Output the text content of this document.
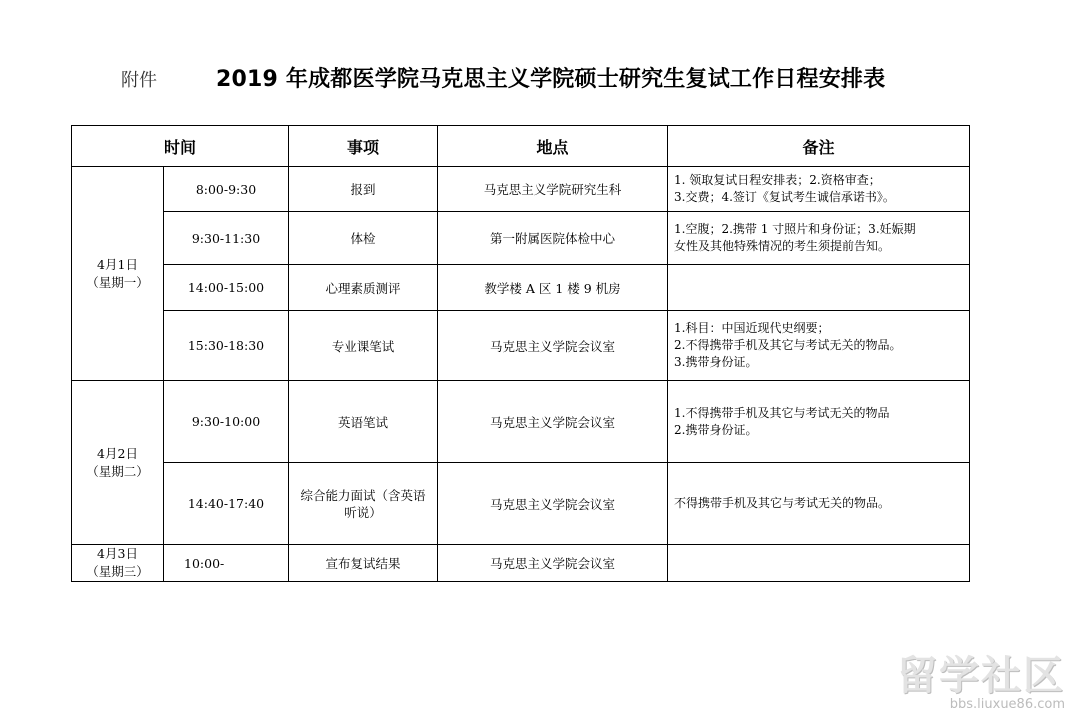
附件	2019 年成都医学院马克思主义学院硕士研究生复试工作日程安排表
时间		事项	地点	备注

4月1日
（星期一）	8:00-9:30	报到	马克思主义学院研究生科	1. 领取复试日程安排表；2.资格审查；
3.交费；4.签订《复试考生诚信承诺书》。

	9:30-11:30	体检	第一附属医院体检中心	1.空腹；2.携带 1 寸照片和身份证；3.妊娠期
女性及其他特殊情况的考生须提前告知。

	14:00-15:00	心理素质测评	教学楼 A 区 1 楼 9 机房	
	15:30-18:30	专业课笔试	马克思主义学院会议室	1.科目：中国近现代史纲要；
2.不得携带手机及其它与考试无关的物品。
3.携带身份证。

4月2日
（星期二）	9:30-10:00	英语笔试	马克思主义学院会议室	1.不得携带手机及其它与考试无关的物品
2.携带身份证。

	14:40-17:40	综合能力面试（含英语
听说）	马克思主义学院会议室	不得携带手机及其它与考试无关的物品。

4月3日
（星期三）	10:00-	宣布复试结果	马克思主义学院会议室	
留学社区
bbs.liuxue86.com
